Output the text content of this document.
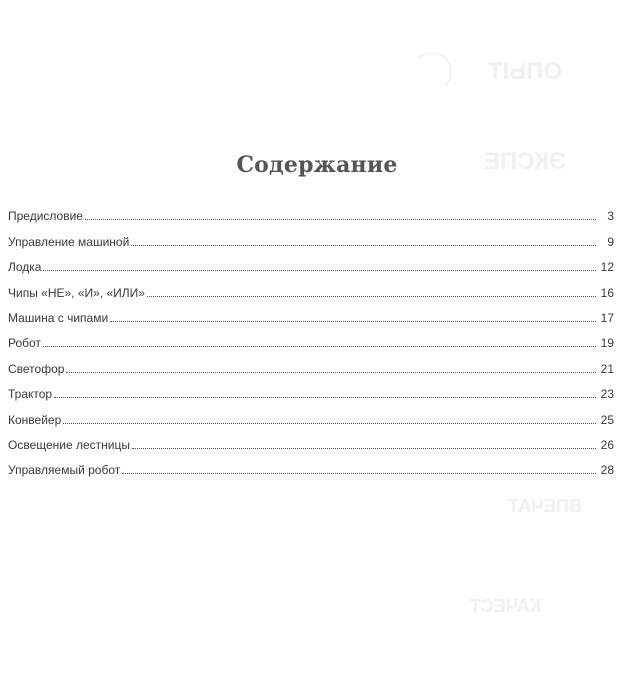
ОПЫТ
ЭКСПЕ
ВПЕЧАТ
КАЧЕСТ
Содержание
Предисловие	3
Управление машиной	9
Лодка	12
Чипы «НЕ», «И», «ИЛИ»	16
Машина с чипами	17
Робот	19
Светофор	21
Трактор	23
Конвейер	25
Освещение лестницы	26
Управляемый робот	28
